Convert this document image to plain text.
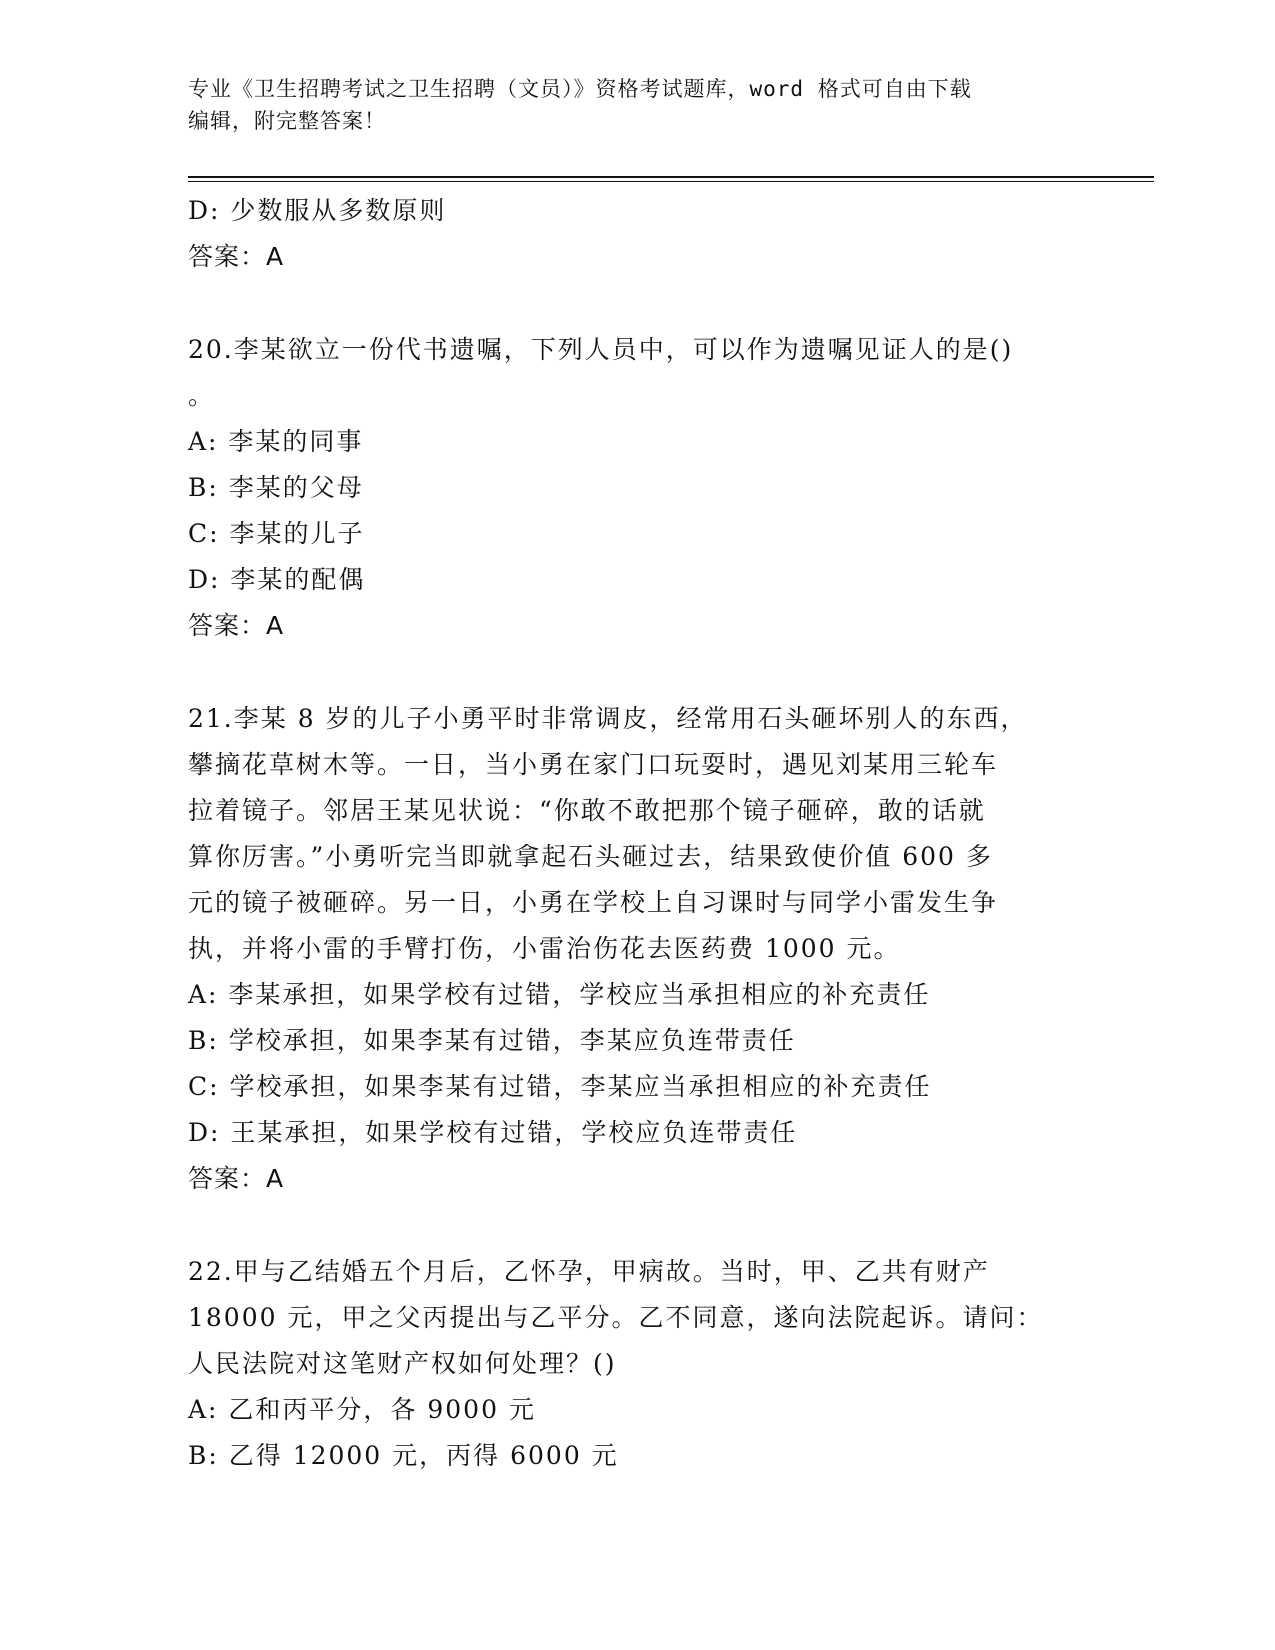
专业《卫生招聘考试之卫生招聘（文员）》资格考试题库，word 格式可自由下载
编辑，附完整答案！

D: 少数服从多数原则

答案：A

20.李某欲立一份代书遗嘱，下列人员中，可以作为遗嘱见证人的是()

。

A: 李某的同事

B: 李某的父母

C: 李某的儿子

D: 李某的配偶

答案：A

21.李某 8 岁的儿子小勇平时非常调皮，经常用石头砸坏别人的东西，

攀摘花草树木等。一日，当小勇在家门口玩耍时，遇见刘某用三轮车

拉着镜子。邻居王某见状说：“你敢不敢把那个镜子砸碎，敢的话就

算你厉害。”小勇听完当即就拿起石头砸过去，结果致使价值 600 多

元的镜子被砸碎。另一日，小勇在学校上自习课时与同学小雷发生争

执，并将小雷的手臂打伤，小雷治伤花去医药费 1000 元。

A: 李某承担，如果学校有过错，学校应当承担相应的补充责任

B: 学校承担，如果李某有过错，李某应负连带责任

C: 学校承担，如果李某有过错，李某应当承担相应的补充责任

D: 王某承担，如果学校有过错，学校应负连带责任

答案：A

22.甲与乙结婚五个月后，乙怀孕，甲病故。当时，甲、乙共有财产

18000 元，甲之父丙提出与乙平分。乙不同意，遂向法院起诉。请问：

人民法院对这笔财产权如何处理？()

A: 乙和丙平分，各 9000 元

B: 乙得 12000 元，丙得 6000 元
